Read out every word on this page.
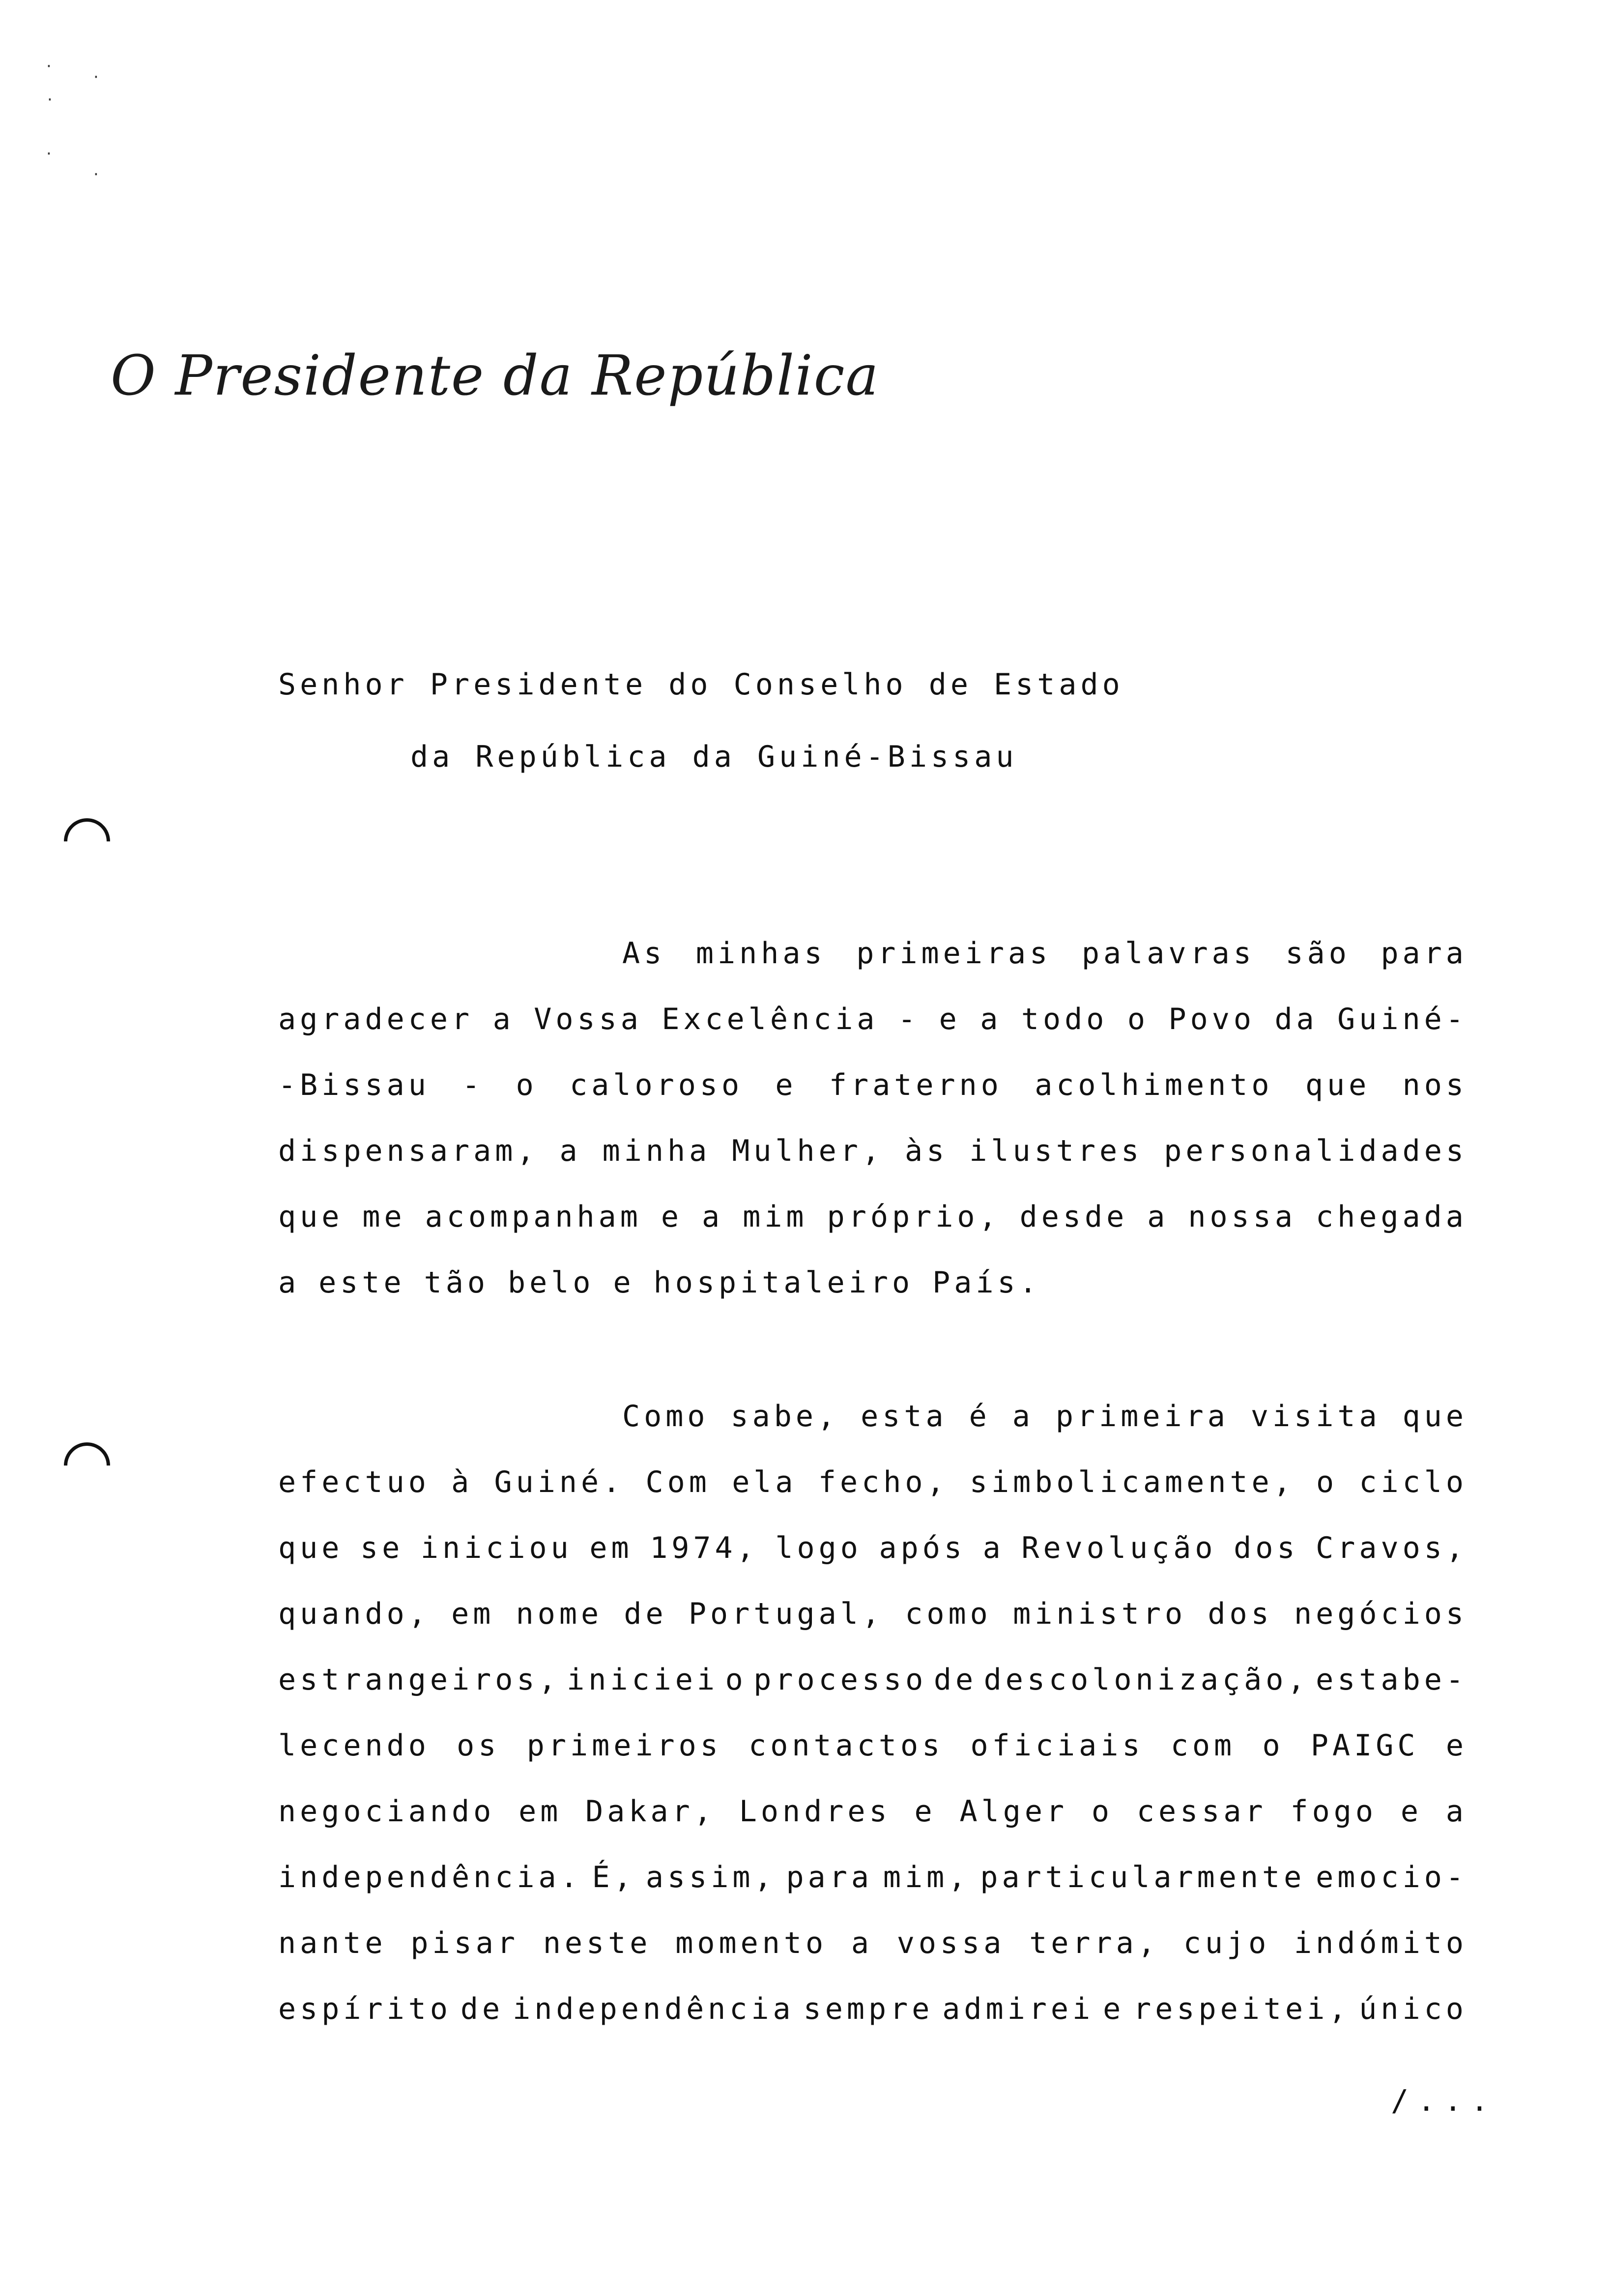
·
·
·
·
·
O Presidente da República
Senhor Presidente do Conselho de Estado
da República da Guiné-Bissau
As minhas primeiras palavras são para
agradecer a Vossa Excelência - e a todo o Povo da Guiné-
-Bissau - o caloroso e fraterno acolhimento que nos
dispensaram, a minha Mulher, às ilustres personalidades
que me acompanham e a mim próprio, desde a nossa chegada
a este tão belo e hospitaleiro País.
Como sabe, esta é a primeira visita que
efectuo à Guiné. Com ela fecho, simbolicamente, o ciclo
que se iniciou em 1974, logo após a Revolução dos Cravos,
quando, em nome de Portugal, como ministro dos negócios
estrangeiros, iniciei o processo de descolonização, estabe-
lecendo os primeiros contactos oficiais com o PAIGC e
negociando em Dakar, Londres e Alger o cessar fogo e a
independência. É, assim, para mim, particularmente emocio-
nante pisar neste momento a vossa terra, cujo indómito
espírito de independência sempre admirei e respeitei, único
/...
